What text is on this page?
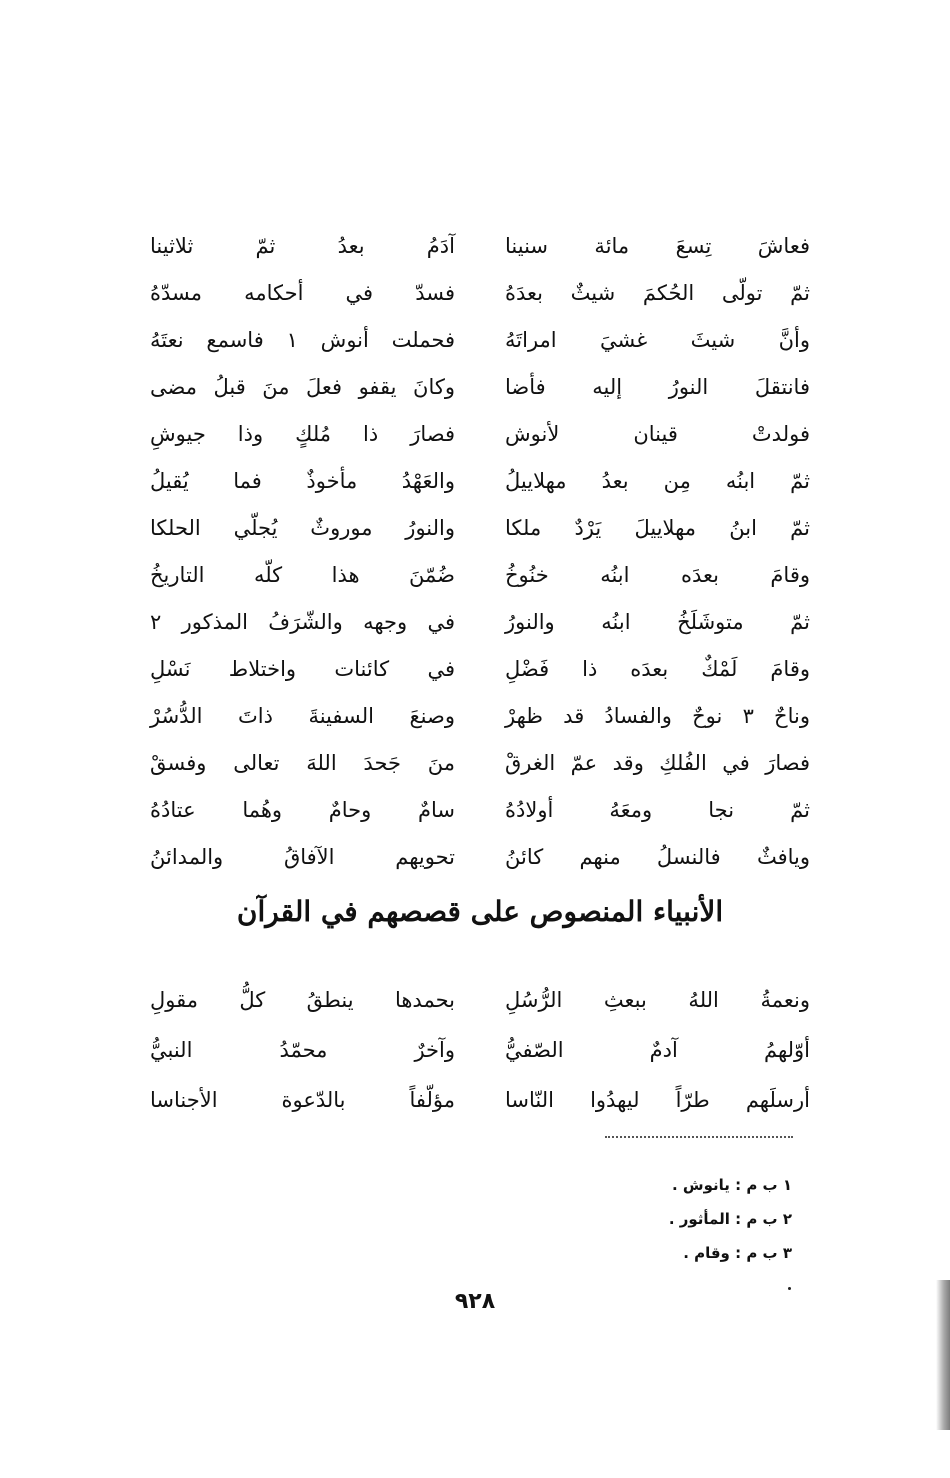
فعاشَ تِسعَ مائة سنينا
آدَمُ بعدُ ثمّ ثلاثينا
ثمّ تولّى الحُكمَ شيثٌ بعدَهُ
فسدّ في أحكامه مسدّهُ
وأنَّ شيثَ غشيَ امراتَهُ
فحملت أنوش ١ فاسمع نعتَهُ
فانتقلَ النورُ إليه فأضا
وكانَ يقفو فعلَ منَ قبلُ مضى
فولدتْ قينان لأنوش
فصارَ ذا مُلكٍ وذا جيوشِ
ثمّ ابنُه مِن بعدُ مهلاييلُ
والعَهْدُ مأخوذٌ فما يُقيلُ
ثمّ ابنُ مهلاييلَ يَرْدٌ ملكا
والنورُ موروثٌ يُجلّي الحلكا
وقامَ بعدَه ابنُه خنُوخُ
ضُمّنَ هذا كلّه التاريخُ
ثمّ متوشَلَخُ ابنُه والنورُ
في وجهه والشّرَفُ المذكور ٢
وقامَ لَمْكٌ بعدَه ذا فَضْلِ
في كائنات واختلاط نَسْلِ
وناحٌ ٣ نوحٌ والفسادُ قد ظهرْ
وصنعَ السفينةَ ذاتَ الدُّسُرْ
فصارَ في الفُلكِ وقد عمّ الغرقْ
منَ جَحدَ اللهَ تعالى وفسقْ
ثمّ نجا ومعَهُ أولادُهُ
سامٌ وحامٌ وهُما عتادُهُ
ويافثٌ فالنسلُ منهم كائنُ
تحويهم الآفاقُ والمدائنُ
الأنبياء المنصوص على قصصهم في القرآن
ونعمةُ اللهُ ببعثِ الرُّسُلِ
بحمدها ينطقُ كلُّ مقولِ
أوّلهمُ آدمٌ الصّفيُّ
وآخرٌ محمّدُ النبيُّ
أرسلَهم طرّاً ليهدُوا النّاسا
مؤلّفاً بالدّعوة الأجناسا
١ ب م : يانوش .
٢ ب م : المأثور .
٣ ب م : وقام .
٩٢٨
